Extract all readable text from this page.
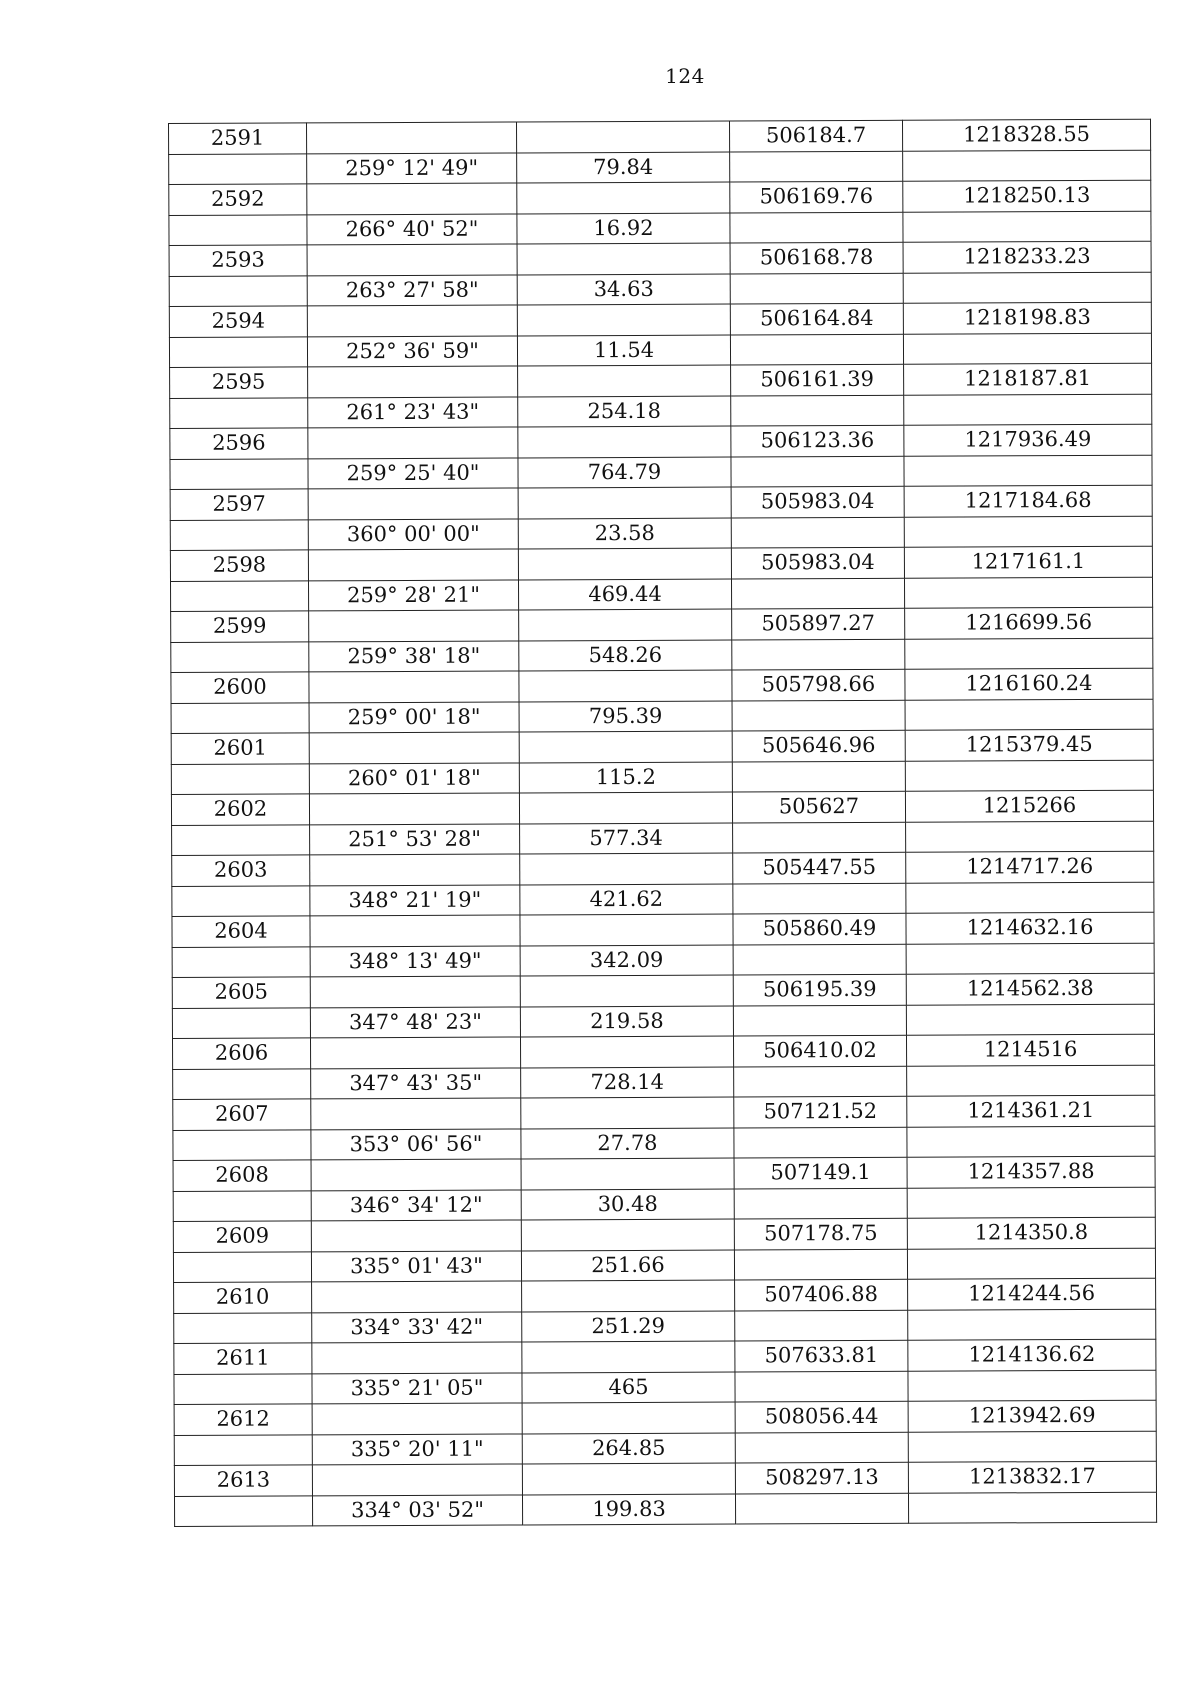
124
2591			506184.7	1218328.55
	259° 12' 49"	79.84		
2592			506169.76	1218250.13
	266° 40' 52"	16.92		
2593			506168.78	1218233.23
	263° 27' 58"	34.63		
2594			506164.84	1218198.83
	252° 36' 59"	11.54		
2595			506161.39	1218187.81
	261° 23' 43"	254.18		
2596			506123.36	1217936.49
	259° 25' 40"	764.79		
2597			505983.04	1217184.68
	360° 00' 00"	23.58		
2598			505983.04	1217161.1
	259° 28' 21"	469.44		
2599			505897.27	1216699.56
	259° 38' 18"	548.26		
2600			505798.66	1216160.24
	259° 00' 18"	795.39		
2601			505646.96	1215379.45
	260° 01' 18"	115.2		
2602			505627	1215266
	251° 53' 28"	577.34		
2603			505447.55	1214717.26
	348° 21' 19"	421.62		
2604			505860.49	1214632.16
	348° 13' 49"	342.09		
2605			506195.39	1214562.38
	347° 48' 23"	219.58		
2606			506410.02	1214516
	347° 43' 35"	728.14		
2607			507121.52	1214361.21
	353° 06' 56"	27.78		
2608			507149.1	1214357.88
	346° 34' 12"	30.48		
2609			507178.75	1214350.8
	335° 01' 43"	251.66		
2610			507406.88	1214244.56
	334° 33' 42"	251.29		
2611			507633.81	1214136.62
	335° 21' 05"	465		
2612			508056.44	1213942.69
	335° 20' 11"	264.85		
2613			508297.13	1213832.17
	334° 03' 52"	199.83		
